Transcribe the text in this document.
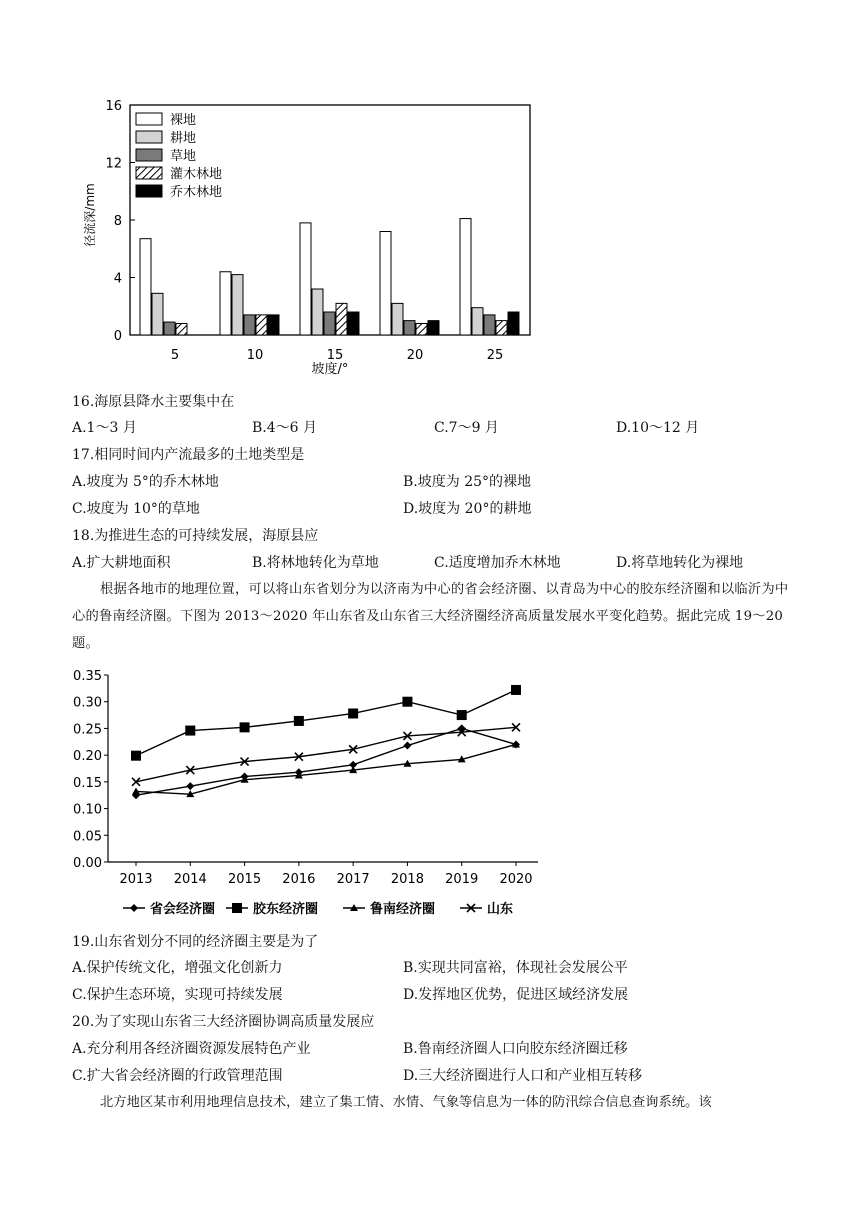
0
4
8
12
16
5	10	15	20	25
裸地
耕地
草地
灌木林地
乔木林地
径流深/mm
坡度/°
16.海原县降水主要集中在
A.1～3 月	B.4～6 月	C.7～9 月	D.10～12 月
17.相同时间内产流最多的土地类型是
A.坡度为 5°的乔木林地	B.坡度为 25°的裸地
C.坡度为 10°的草地	D.坡度为 20°的耕地
18.为推进生态的可持续发展，海原县应
A.扩大耕地面积	B.将林地转化为草地	C.适度增加乔木林地	D.将草地转化为裸地
根据各地市的地理位置，可以将山东省划分为以济南为中心的省会经济圈、以青岛为中心的胶东经济圈和以临沂为中心的鲁南经济圈。下图为 2013～2020 年山东省及山东省三大经济圈经济高质量发展水平变化趋势。据此完成 19～20 题。
0.00
0.05
0.10
0.15
0.20
0.25
0.30
0.35
2013 2014 2015 2016 2017 2018 2019 2020
省会经济圈	胶东经济圈	鲁南经济圈	山东
19.山东省划分不同的经济圈主要是为了
A.保护传统文化，增强文化创新力	B.实现共同富裕，体现社会发展公平
C.保护生态环境，实现可持续发展	D.发挥地区优势，促进区域经济发展
20.为了实现山东省三大经济圈协调高质量发展应
A.充分利用各经济圈资源发展特色产业	B.鲁南经济圈人口向胶东经济圈迁移
C.扩大省会经济圈的行政管理范围	D.三大经济圈进行人口和产业相互转移
北方地区某市利用地理信息技术，建立了集工情、水情、气象等信息为一体的防汛综合信息查询系统。该
